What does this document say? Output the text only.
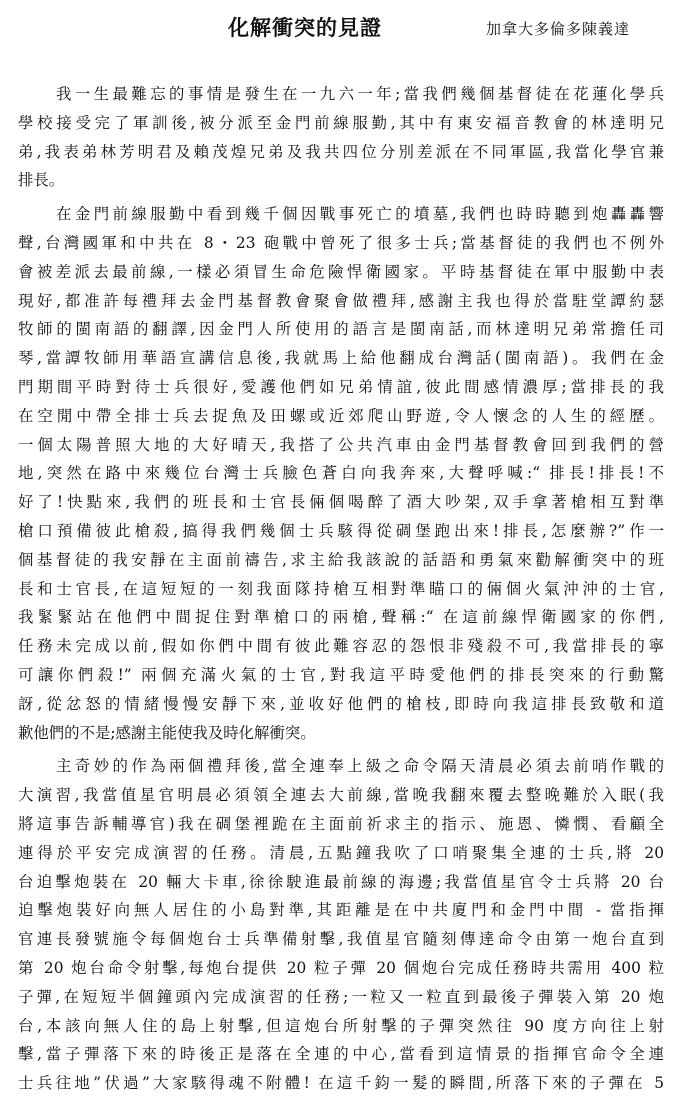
化解衝突的見證	加拿大多倫多陳義達
我一生最難忘的事情是發生在一九六一年;當我們幾個基督徒在花蓮化學兵
學校接受完了軍訓後,被分派至金門前線服勤,其中有東安福音教會的林達明兄
弟,我表弟林芳明君及賴茂煌兄弟及我共四位分別差派在不同軍區,我當化學官兼
排長。
在金門前線服勤中看到幾千個因戰事死亡的墳墓,我們也時時聽到炮轟轟響
聲,台灣國軍和中共在 8・23 砲戰中曾死了很多士兵;當基督徒的我們也不例外
會被差派去最前線,一樣必須冒生命危險悍衛國家。平時基督徒在軍中服勤中表
現好,都准許每禮拜去金門基督教會聚會做禮拜,感謝主我也得於當駐堂譚約瑟
牧師的閩南語的翻譯,因金門人所使用的語言是閩南話,而林達明兄弟常擔任司
琴,當譚牧師用華語宣講信息後,我就馬上給他翻成台灣話(閩南語)。我們在金
門期間平時對待士兵很好,愛護他們如兄弟情誼,彼此間感情濃厚;當排長的我
在空閒中帶全排士兵去捉魚及田螺或近郊爬山野遊,令人懷念的人生的經歷。
一個太陽普照大地的大好晴天,我搭了公共汽車由金門基督教會回到我們的營
地,突然在路中來幾位台灣士兵臉色蒼白向我奔來,大聲呼喊:“ 排長!排長!不
好了!快點來,我們的班長和士官長倆個喝醉了酒大吵架,双手拿著槍相互對準
槍口預備彼此槍殺,搞得我們幾個士兵駭得從碉堡跑出來!排長,怎麼辦?”作一
個基督徒的我安靜在主面前禱告,求主給我該說的話語和勇氣來勸解衝突中的班
長和士官長,在這短短的一刻我面隊持槍互相對準瞄口的倆個火氣沖沖的士官,
我緊緊站在他們中間捉住對準槍口的兩槍,聲稱:“ 在這前線悍衛國家的你們,
任務未完成以前,假如你們中間有彼此難容忍的怨恨非殘殺不可,我當排長的寧
可讓你們殺!” 兩個充滿火氣的士官,對我這平時愛他們的排長突來的行動驚
訝,從忿怒的情緒慢慢安靜下來,並收好他們的槍枝,即時向我這排長致敬和道
歉他們的不是;感謝主能使我及時化解衝突。
主奇妙的作為兩個禮拜後,當全連奉上級之命令隔天清晨必須去前哨作戰的
大演習,我當值星官明晨必須領全連去大前線,當晚我翻來覆去整晚難於入眠(我
將這事告訴輔導官)我在碉堡裡跪在主面前祈求主的指示、施恩、憐憫、看顧全
連得於平安完成演習的任務。清晨,五點鐘我吹了口哨聚集全連的士兵,將 20
台迫擊炮裝在 20 輛大卡車,徐徐駛進最前線的海邊;我當值星官令士兵將 20 台
迫擊炮裝好向無人居住的小島對準,其距離是在中共廈門和金門中間 - 當指揮
官連長發號施令每個炮台士兵準備射擊,我值星官隨刻傳達命令由第一炮台直到
第 20 炮台命令射擊,每炮台提供 20 粒子彈 20 個炮台完成任務時共需用 400 粒
子彈,在短短半個鐘頭內完成演習的任務;一粒又一粒直到最後子彈裝入第 20 炮
台,本該向無人住的島上射擊,但這炮台所射擊的子彈突然往 90 度方向往上射
擊,當子彈落下來的時後正是落在全連的中心,當看到這情景的指揮官命令全連
士兵往地”伏過”大家駭得魂不附體! 在這千鈞一髮的瞬間,所落下來的子彈在 5
